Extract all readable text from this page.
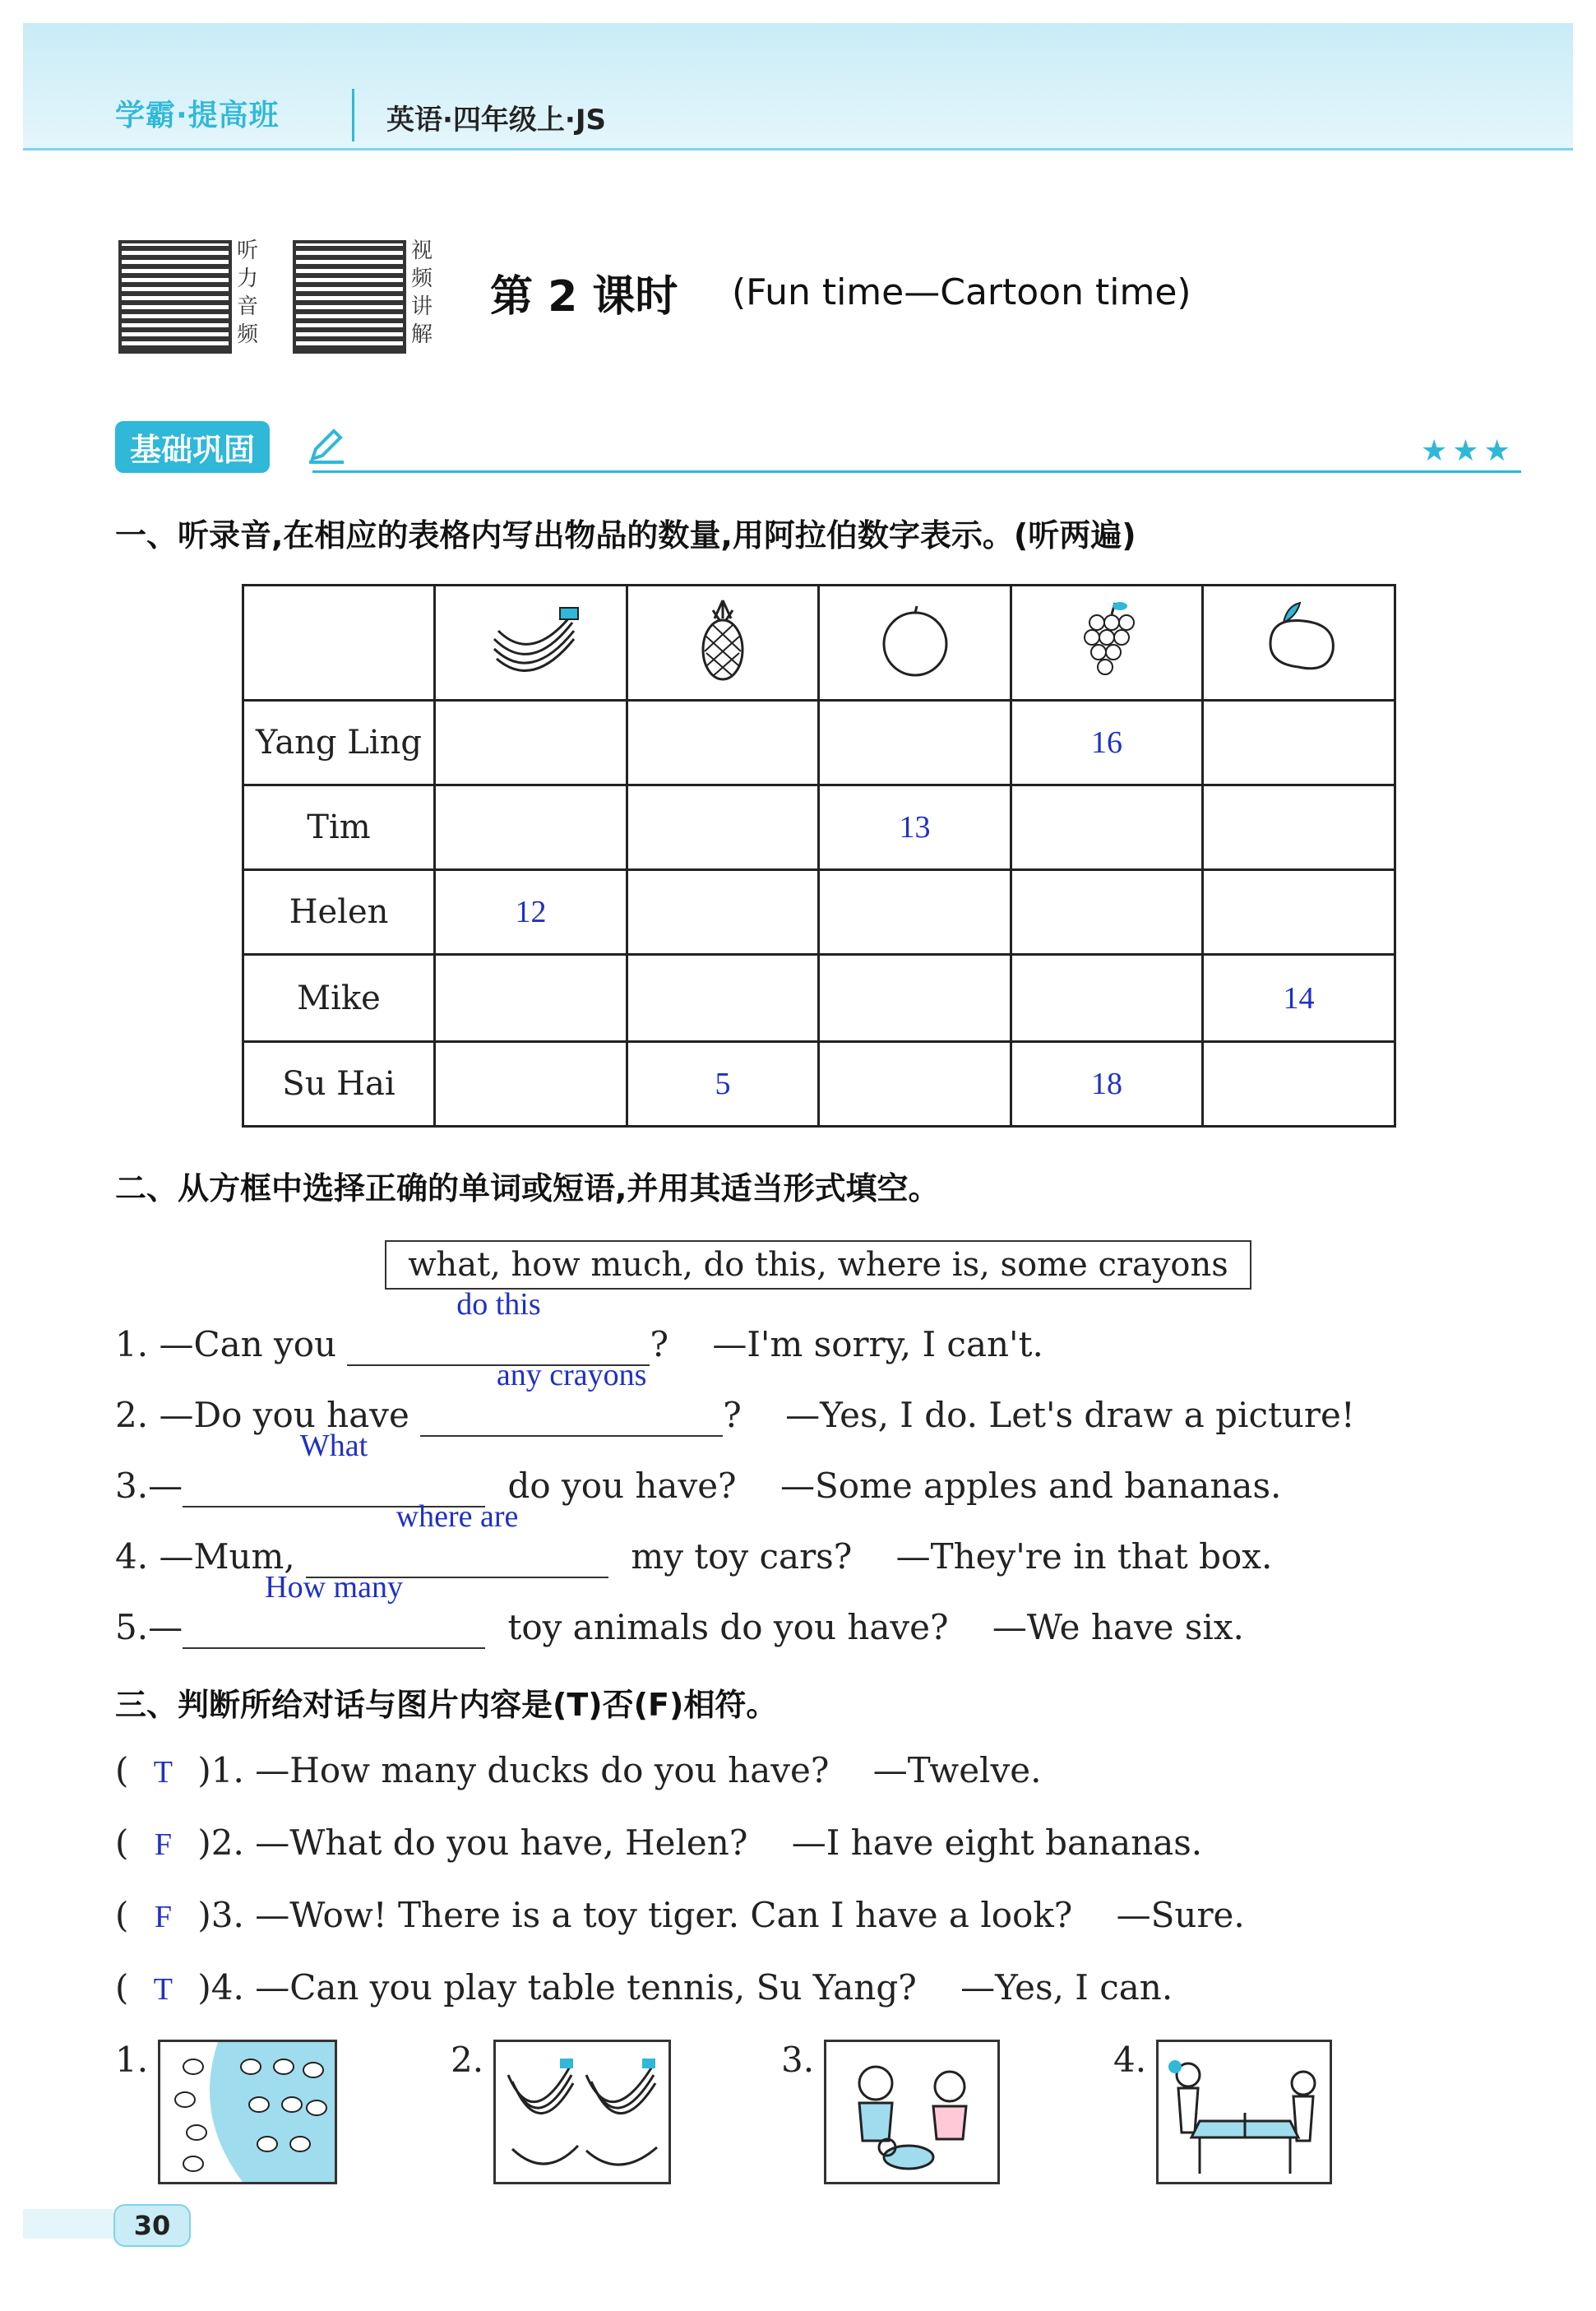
学霸·提高班	英语·四年级上·JS
听力音频
视频讲解
第 2 课时 (Fun time—Cartoon time)
基础巩固	★★★
一、听录音,在相应的表格内写出物品的数量,用阿拉伯数字表示。(听两遍)

Yang Ling				16	
Tim			13		
Helen	12				
Mike					14
Su Hai		5		18	
二、从方框中选择正确的单词或短语,并用其适当形式填空。
what, how much, do this, where is, some crayons
1. —Can you
do this
? —I'm sorry, I can't.
2. —Do you have
any crayons
? —Yes, I do. Let's draw a picture!
3.—
What
do you have? —Some apples and bananas.
4. —Mum,
where are
my toy cars? —They're in that box.
5.—
How many
toy animals do you have? —We have six.
三、判断所给对话与图片内容是(T)否(F)相符。
( T )1. —How many ducks do you have? —Twelve.
( F )2. —What do you have, Helen? —I have eight bananas.
( F )3. —Wow! There is a toy tiger. Can I have a look? —Sure.
( T )4. —Can you play table tennis, Su Yang? —Yes, I can.
1.	2.	3.	4.
30
